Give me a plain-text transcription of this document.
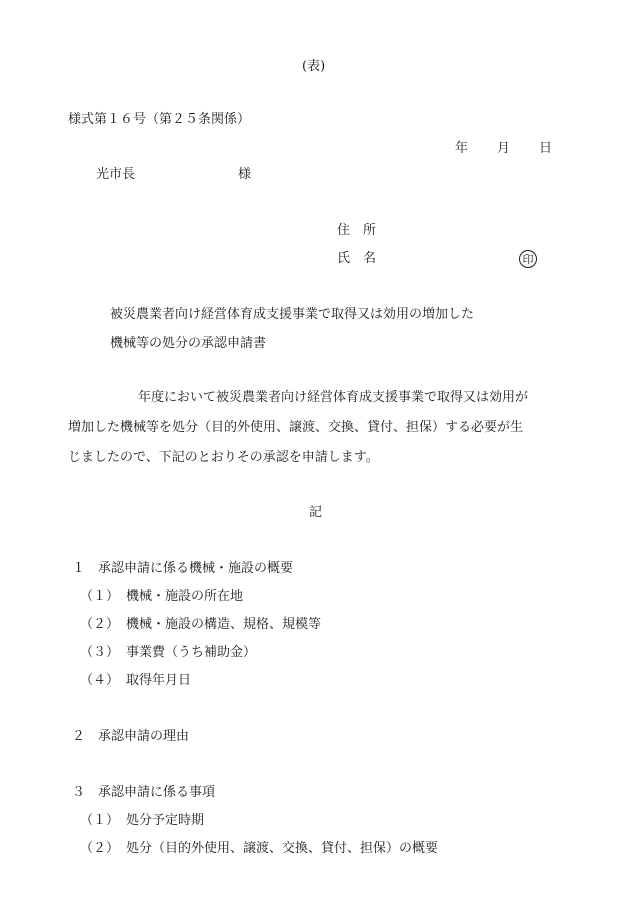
(表)
様式第１６号（第２５条関係）
年 月 日
光市長	様
住　所
氏　名	印
被災農業者向け経営体育成支援事業で取得又は効用の増加した
機械等の処分の承認申請書
年度において被災農業者向け経営体育成支援事業で取得又は効用が
増加した機械等を処分（目的外使用、譲渡、交換、貸付、担保）する必要が生
じましたので、下記のとおりその承認を申請します。
記
１ 承認申請に係る機械・施設の概要
（１） 機械・施設の所在地
（２） 機械・施設の構造、規格、規模等
（３） 事業費（うち補助金）
（４） 取得年月日
２ 承認申請の理由
３ 承認申請に係る事項
（１） 処分予定時期
（２） 処分（目的外使用、譲渡、交換、貸付、担保）の概要
